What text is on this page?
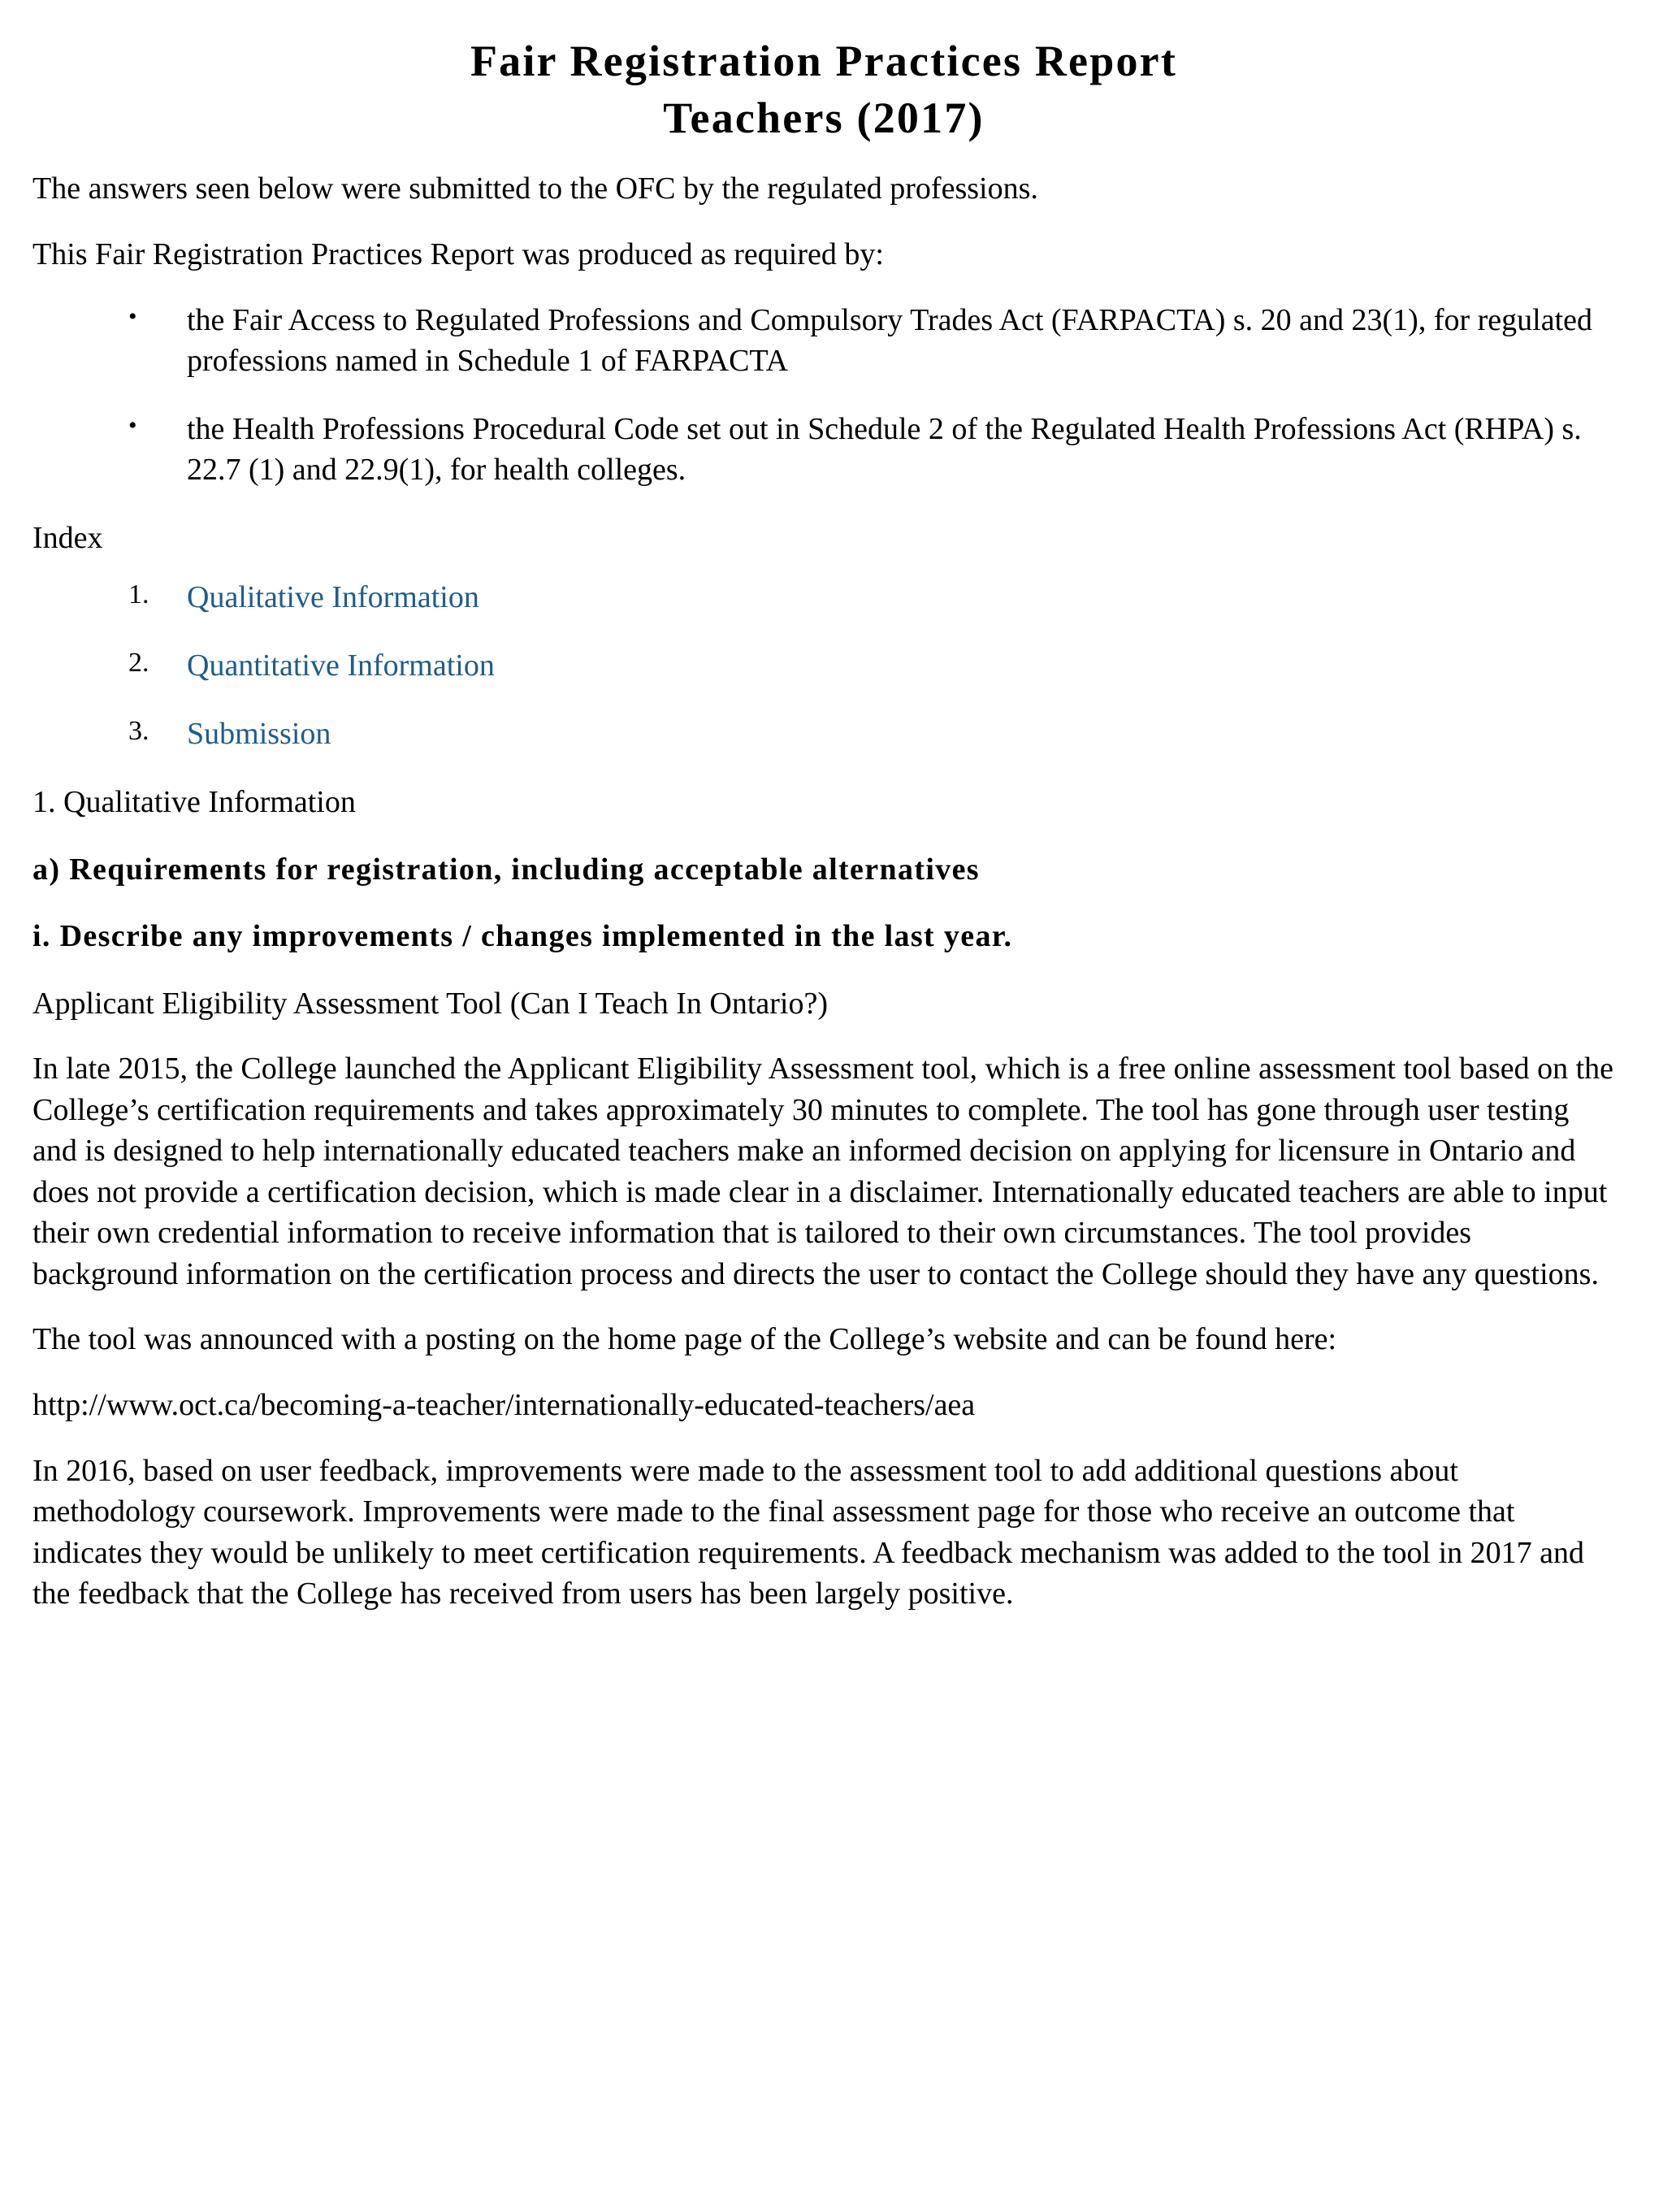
Fair Registration Practices Report
Teachers (2017)

The answers seen below were submitted to the OFC by the regulated professions.

This Fair Registration Practices Report was produced as required by:

• the Fair Access to Regulated Professions and Compulsory Trades Act (FARPACTA) s. 20 and 23(1), for regulated professions named in Schedule 1 of FARPACTA
• the Health Professions Procedural Code set out in Schedule 2 of the Regulated Health Professions Act (RHPA) s. 22.7 (1) and 22.9(1), for health colleges.

Index

Qualitative Information
Quantitative Information
Submission

1. Qualitative Information

a) Requirements for registration, including acceptable alternatives

i. Describe any improvements / changes implemented in the last year.

Applicant Eligibility Assessment Tool (Can I Teach In Ontario?)

In late 2015, the College launched the Applicant Eligibility Assessment tool, which is a free online assessment tool based on the College’s certification requirements and takes approximately 30 minutes to complete. The tool has gone through user testing and is designed to help internationally educated teachers make an informed decision on applying for licensure in Ontario and does not provide a certification decision, which is made clear in a disclaimer. Internationally educated teachers are able to input their own credential information to receive information that is tailored to their own circumstances. The tool provides background information on the certification process and directs the user to contact the College should they have any questions.

The tool was announced with a posting on the home page of the College’s website and can be found here:

http://www.oct.ca/becoming-a-teacher/internationally-educated-teachers/aea

In 2016, based on user feedback, improvements were made to the assessment tool to add additional questions about methodology coursework. Improvements were made to the final assessment page for those who receive an outcome that indicates they would be unlikely to meet certification requirements. A feedback mechanism was added to the tool in 2017 and the feedback that the College has received from users has been largely positive.
